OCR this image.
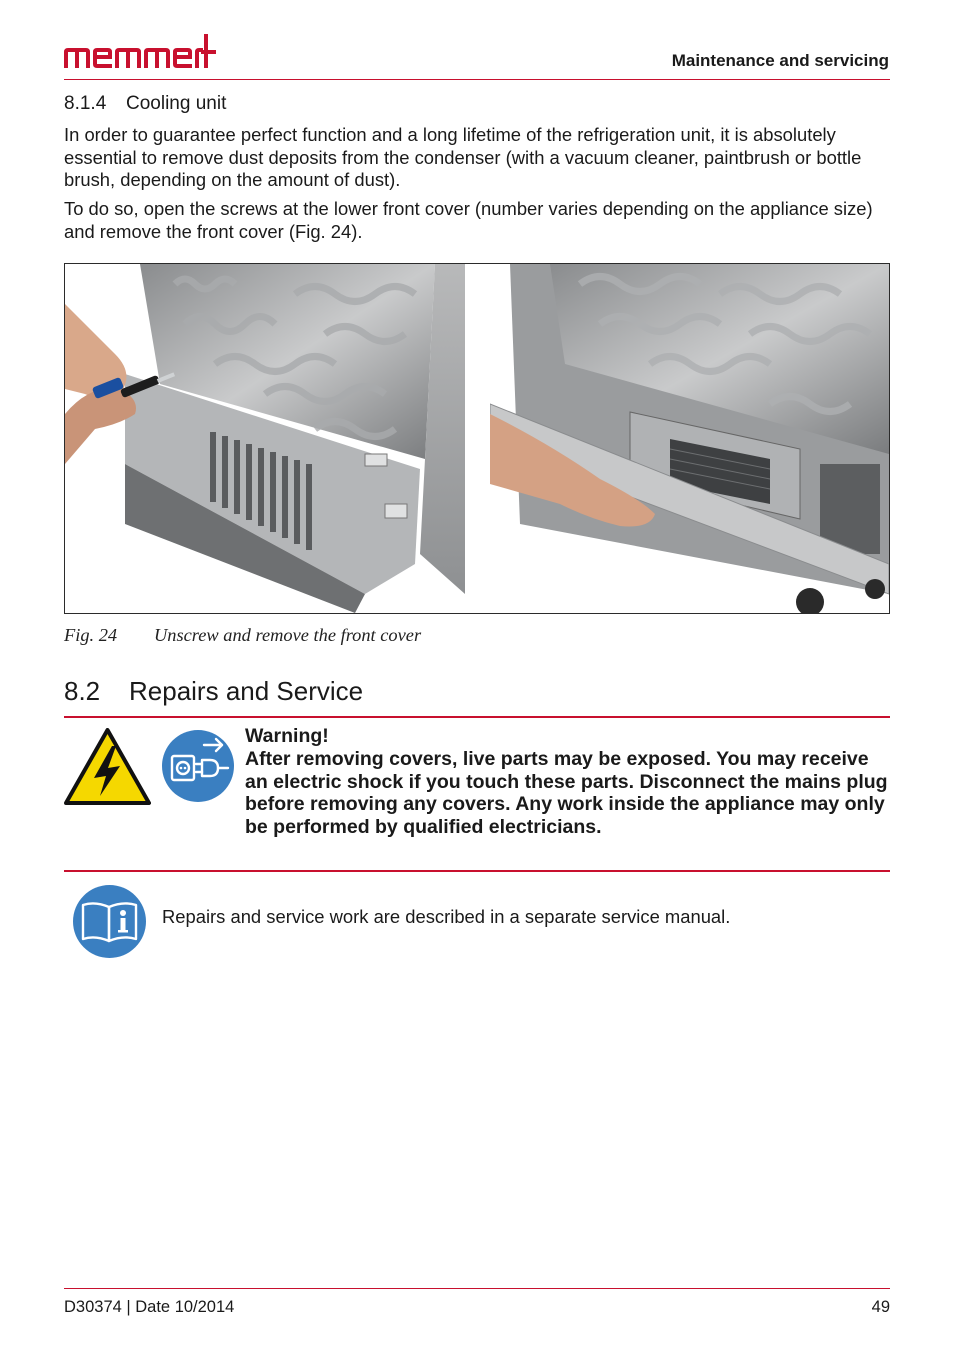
Maintenance and servicing
8.1.4 Cooling unit
In order to guarantee perfect function and a long lifetime of the refrigeration unit, it is absolutely essential to remove dust deposits from the condenser (with a vacuum cleaner, paintbrush or bottle brush, depending on the amount of dust).
To do so, open the screws at the lower front cover (number varies depending on the appliance size) and remove the front cover (Fig. 24).
Fig. 24 Unscrew and remove the front cover
8.2 Repairs and Service
Warning!
After removing covers, live parts may be exposed. You may receive an electric shock if you touch these parts. Disconnect the mains plug before removing any covers. Any work inside the appliance may only be performed by qualified electricians.
Repairs and service work are described in a separate service manual.
D30374 | Date 10/2014	49
